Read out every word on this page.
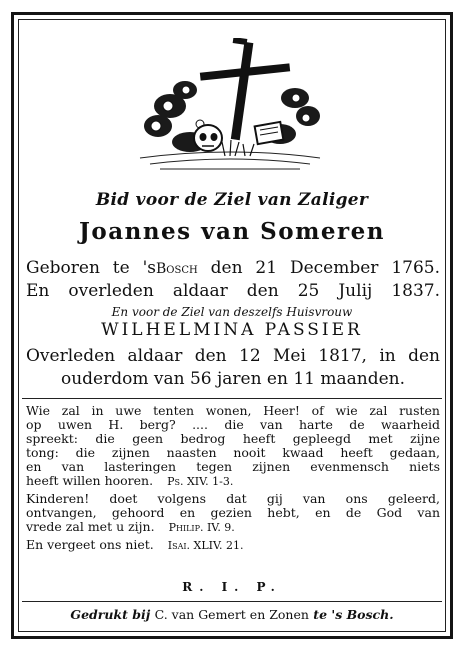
Bid voor de Ziel van Zaliger
Joannes van Someren
Geboren te 'sBosch den 21 December 1765.
En overleden aldaar den 25 Julij 1837.
En voor de Ziel van deszelfs Huisvrouw
WILHELMINA PASSIER
Overleden aldaar den 12 Mei 1817, in den
ouderdom van 56 jaren en 11 maanden.
Wie zal in uwe tenten wonen, Heer! of wie zal rusten
op uwen H. berg? .... die van harte de waarheid
spreekt: die geen bedrog heeft gepleegd met zijne
tong: die zijnen naasten nooit kwaad heeft gedaan,
en van lasteringen tegen zijnen evenmensch niets
heeft willen hooren. Ps. XIV. 1-3.
Kinderen! doet volgens dat gij van ons geleerd,
ontvangen, gehoord en gezien hebt, en de God van
vrede zal met u zijn. Philip. IV. 9.
En vergeet ons niet. Isai. XLIV. 21.
R. I. P.
Gedrukt bij C. van Gemert en Zonen te 's Bosch.
